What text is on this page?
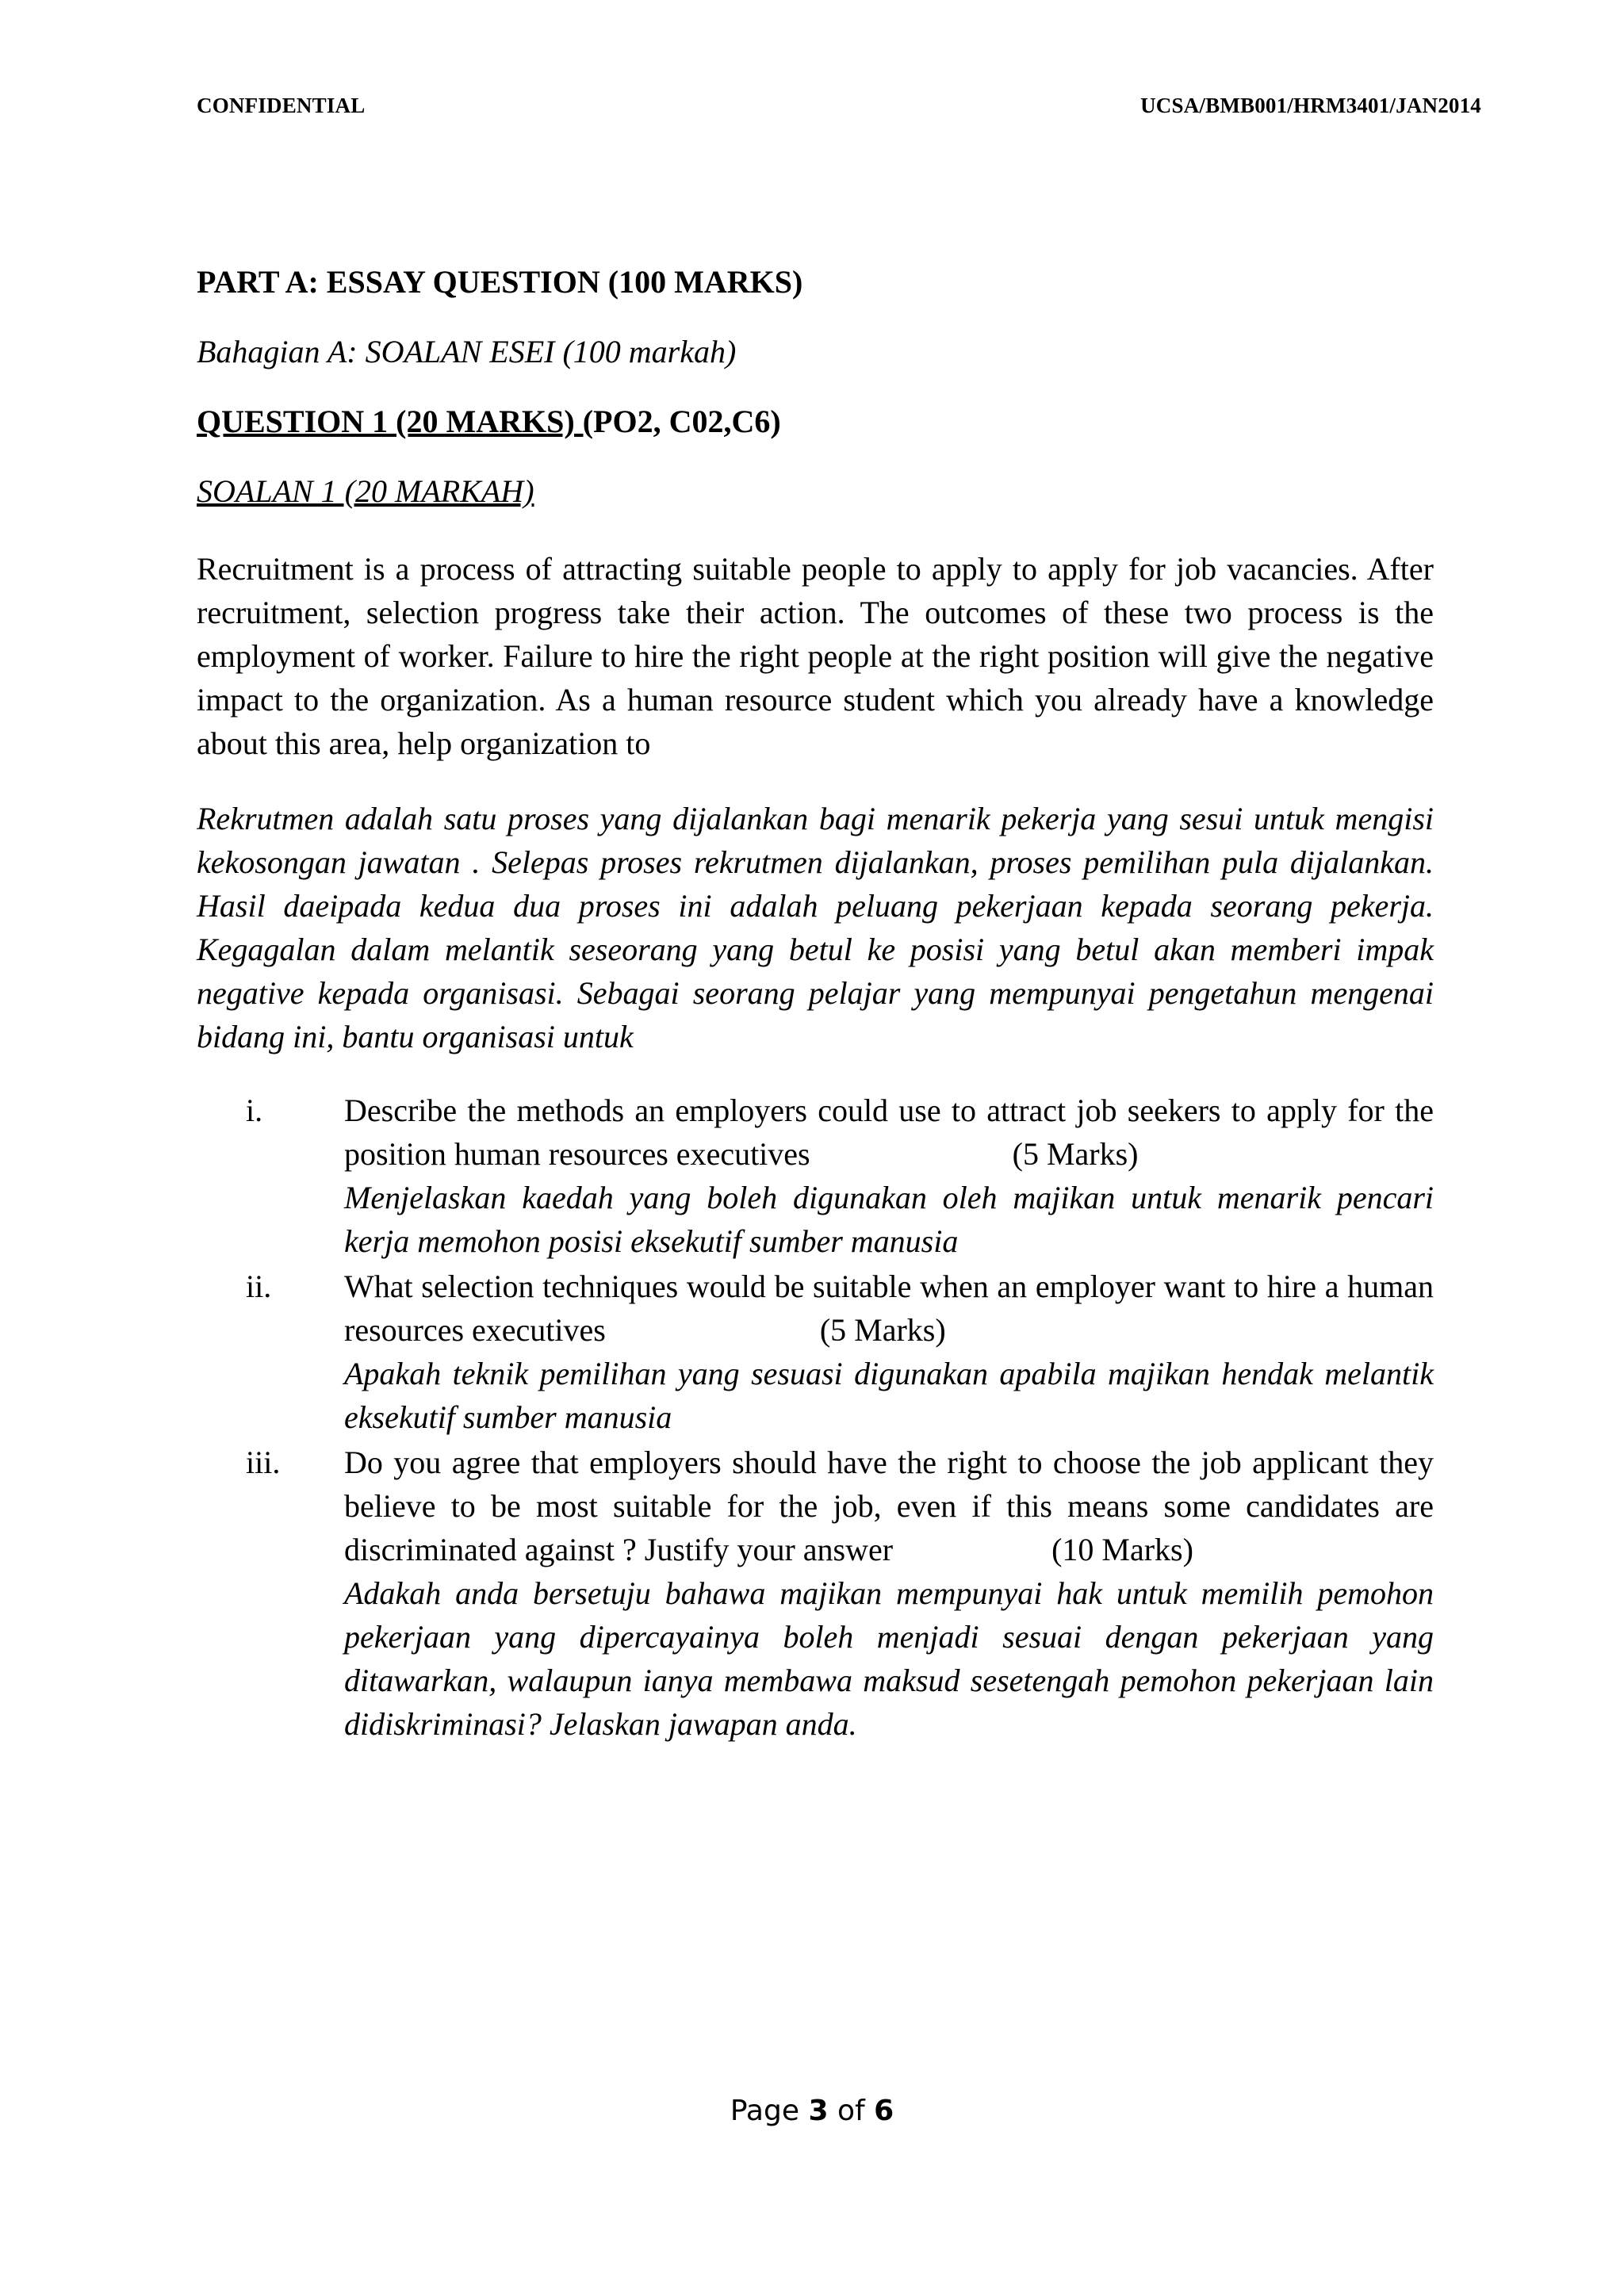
CONFIDENTIAL	UCSA/BMB001/HRM3401/JAN2014

PART A: ESSAY QUESTION (100 MARKS)

Bahagian A: SOALAN ESEI (100 markah)

QUESTION 1 (20 MARKS) (PO2, C02,C6)

SOALAN 1 (20 MARKAH)

Recruitment is a process of attracting suitable people to apply to apply for job vacancies. After recruitment, selection progress take their action. The outcomes of these two process is the employment of worker. Failure to hire the right people at the right position will give the negative impact to the organization. As a human resource student which you already have a knowledge about this area, help organization to

Rekrutmen adalah satu proses yang dijalankan bagi menarik pekerja yang sesui untuk mengisi kekosongan jawatan . Selepas proses rekrutmen dijalankan, proses pemilihan pula dijalankan. Hasil daeipada kedua dua proses ini adalah peluang pekerjaan kepada seorang pekerja. Kegagalan dalam melantik seseorang yang betul ke posisi yang betul akan memberi impak negative kepada organisasi. Sebagai seorang pelajar yang mempunyai pengetahun mengenai bidang ini, bantu organisasi untuk

i.	Describe the methods an employers could use to attract job seekers to apply for the position human resources executives	(5 Marks)

Menjelaskan kaedah yang boleh digunakan oleh majikan untuk menarik pencari kerja memohon posisi eksekutif sumber manusia

ii. What selection techniques would be suitable when an employer want to hire a human resources executives	(5 Marks)

Apakah teknik pemilihan yang sesuasi digunakan apabila majikan hendak melantik eksekutif sumber manusia

iii. Do you agree that employers should have the right to choose the job applicant they believe to be most suitable for the job, even if this means some candidates are discriminated against ? Justify your answer	(10 Marks)

Adakah anda bersetuju bahawa majikan mempunyai hak untuk memilih pemohon pekerjaan yang dipercayainya boleh menjadi sesuai dengan pekerjaan yang ditawarkan, walaupun ianya membawa maksud sesetengah pemohon pekerjaan lain didiskriminasi? Jelaskan jawapan anda.

Page 3 of 6
